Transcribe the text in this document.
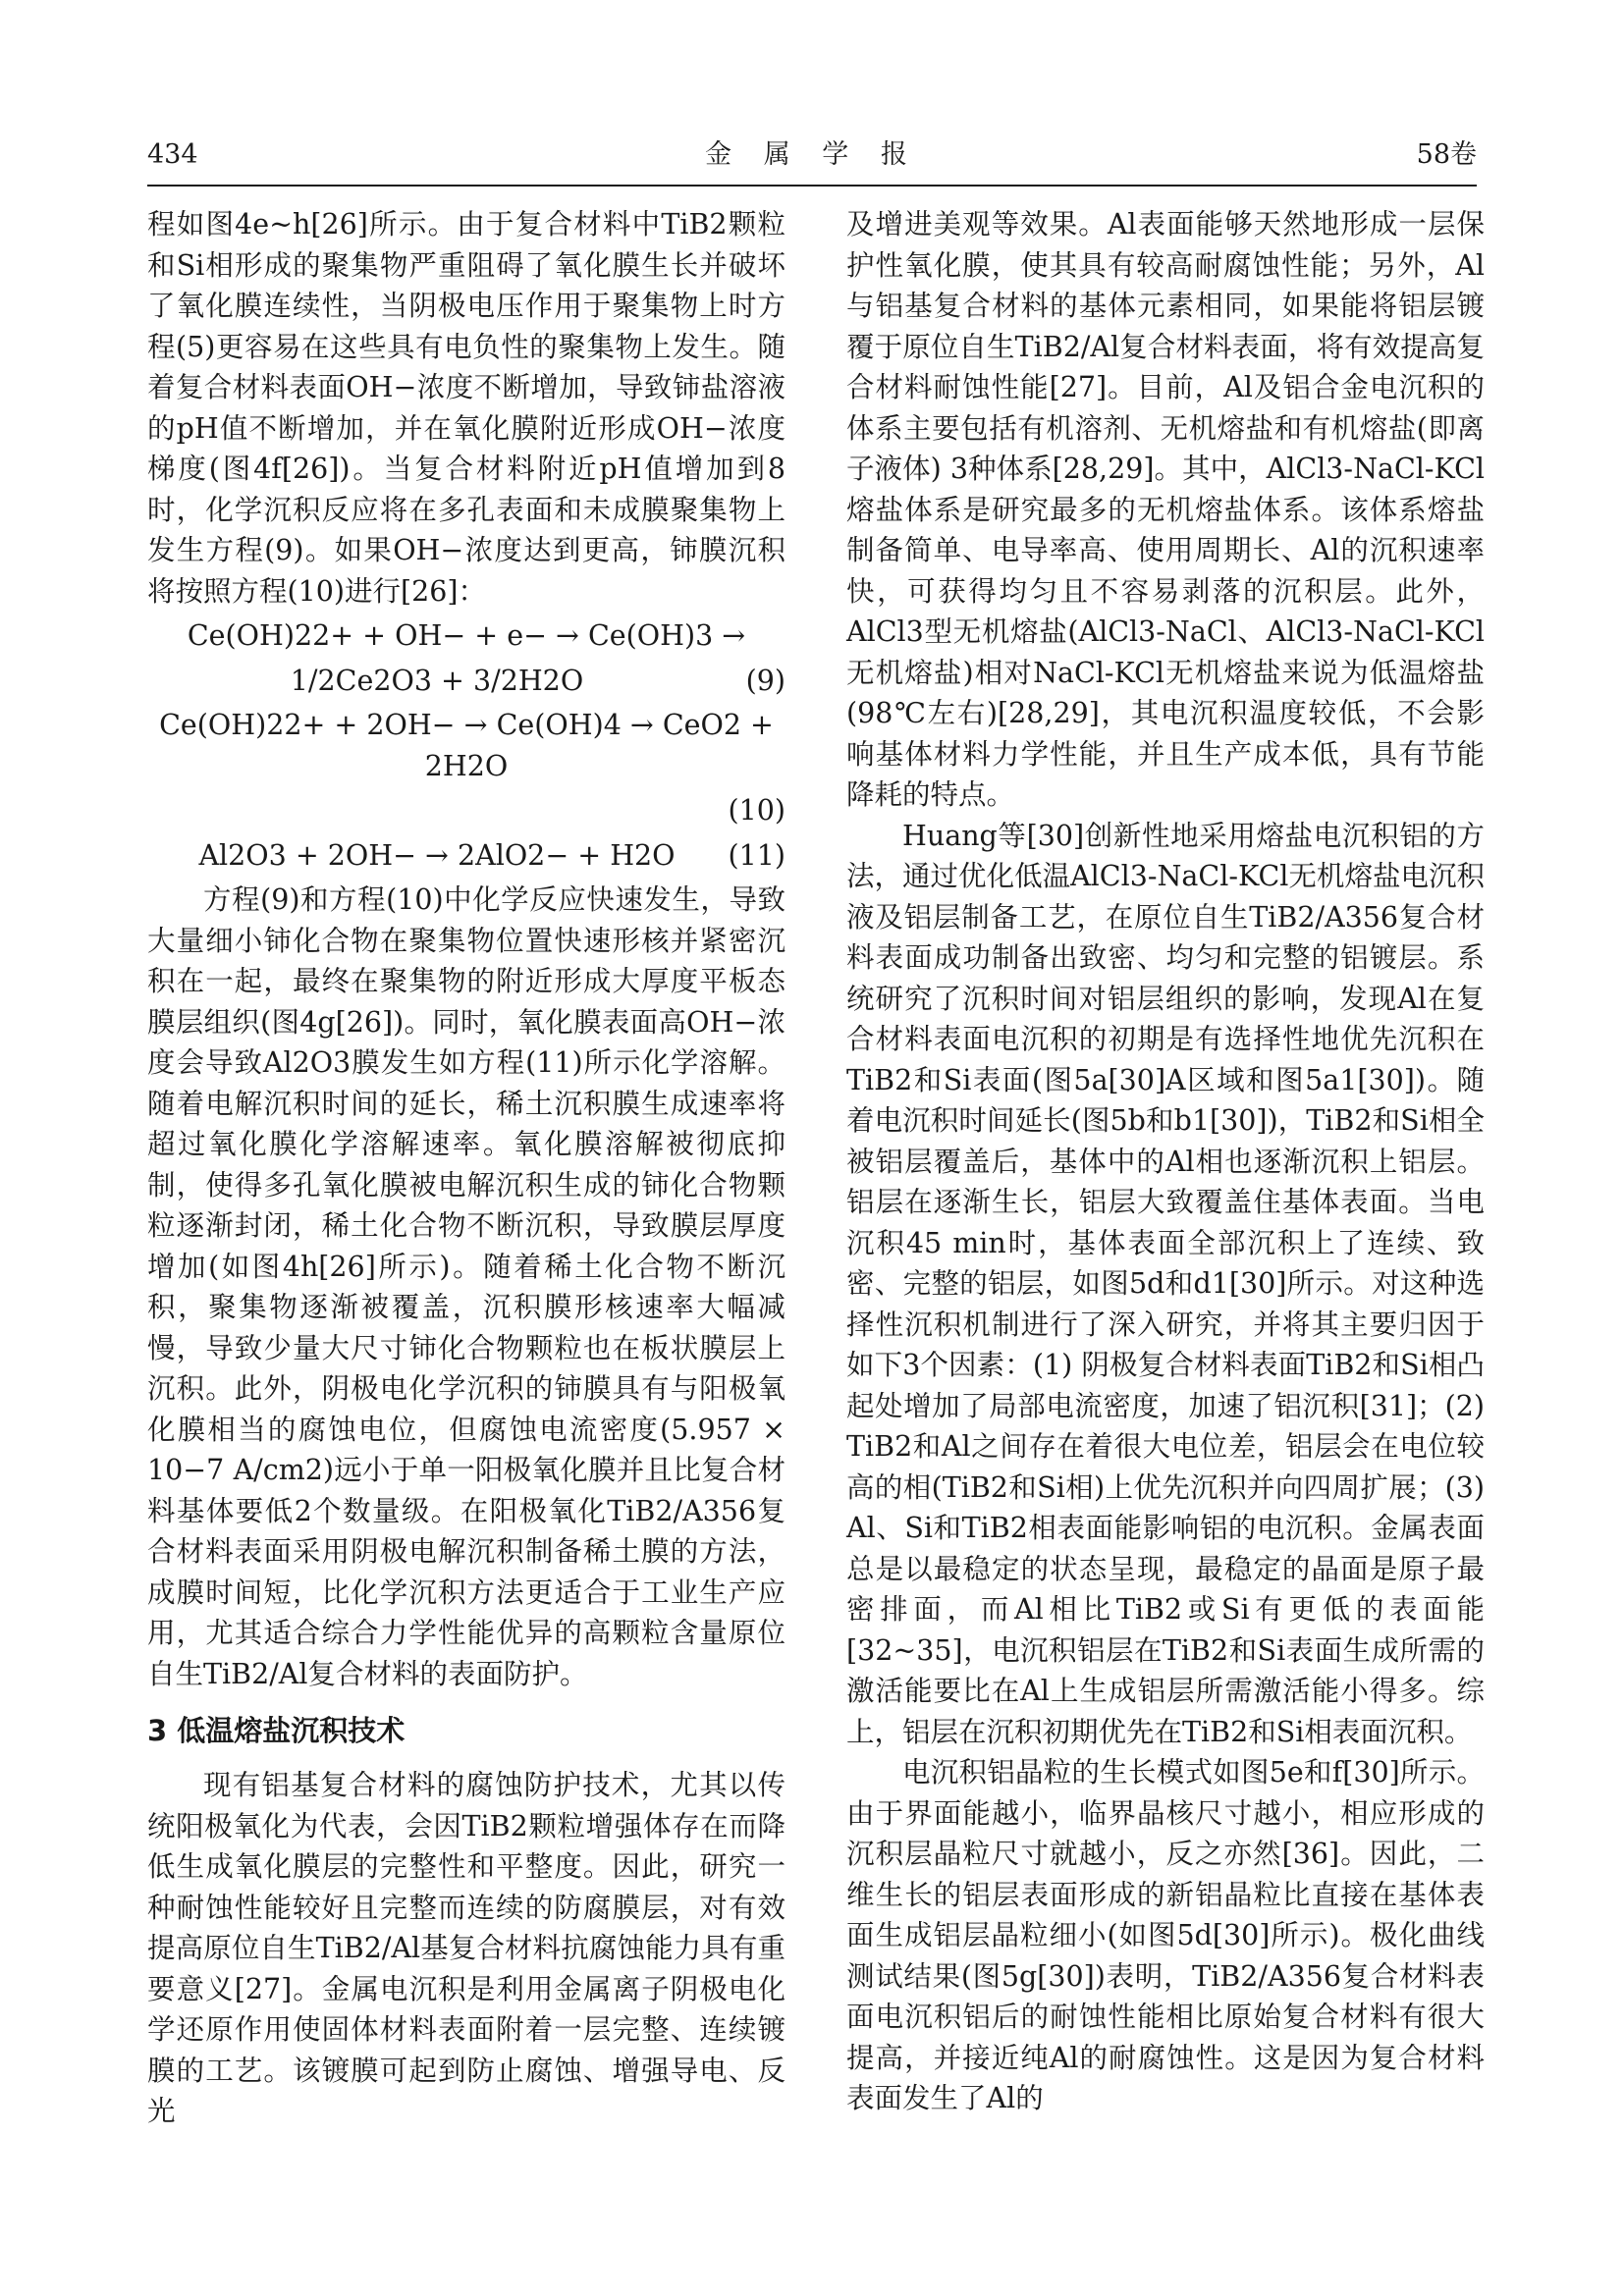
434	金 属 学 报	58卷

程如图4e~h[26]所示。由于复合材料中TiB2颗粒和Si相形成的聚集物严重阻碍了氧化膜生长并破坏了氧化膜连续性，当阴极电压作用于聚集物上时方程(5)更容易在这些具有电负性的聚集物上发生。随着复合材料表面OH−浓度不断增加，导致铈盐溶液的pH值不断增加，并在氧化膜附近形成OH−浓度梯度(图4f[26])。当复合材料附近pH值增加到8时，化学沉积反应将在多孔表面和未成膜聚集物上发生方程(9)。如果OH−浓度达到更高，铈膜沉积将按照方程(10)进行[26]：

Ce(OH)22+ + OH− + e− → Ce(OH)3 →
1/2Ce2O3 + 3/2H2O	(9)
Ce(OH)22+ + 2OH− → Ce(OH)4 → CeO2 + 2H2O
(10)
Al2O3 + 2OH− → 2AlO2− + H2O	(11)

方程(9)和方程(10)中化学反应快速发生，导致大量细小铈化合物在聚集物位置快速形核并紧密沉积在一起，最终在聚集物的附近形成大厚度平板态膜层组织(图4g[26])。同时，氧化膜表面高OH−浓度会导致Al2O3膜发生如方程(11)所示化学溶解。随着电解沉积时间的延长，稀土沉积膜生成速率将超过氧化膜化学溶解速率。氧化膜溶解被彻底抑制，使得多孔氧化膜被电解沉积生成的铈化合物颗粒逐渐封闭，稀土化合物不断沉积，导致膜层厚度增加(如图4h[26]所示)。随着稀土化合物不断沉积，聚集物逐渐被覆盖，沉积膜形核速率大幅减慢，导致少量大尺寸铈化合物颗粒也在板状膜层上沉积。此外，阴极电化学沉积的铈膜具有与阳极氧化膜相当的腐蚀电位，但腐蚀电流密度(5.957 × 10−7 A/cm2)远小于单一阳极氧化膜并且比复合材料基体要低2个数量级。在阳极氧化TiB2/A356复合材料表面采用阴极电解沉积制备稀土膜的方法，成膜时间短，比化学沉积方法更适合于工业生产应用，尤其适合综合力学性能优异的高颗粒含量原位自生TiB2/Al复合材料的表面防护。

3 低温熔盐沉积技术

现有铝基复合材料的腐蚀防护技术，尤其以传统阳极氧化为代表，会因TiB2颗粒增强体存在而降低生成氧化膜层的完整性和平整度。因此，研究一种耐蚀性能较好且完整而连续的防腐膜层，对有效提高原位自生TiB2/Al基复合材料抗腐蚀能力具有重要意义[27]。金属电沉积是利用金属离子阴极电化学还原作用使固体材料表面附着一层完整、连续镀膜的工艺。该镀膜可起到防止腐蚀、增强导电、反光

及增进美观等效果。Al表面能够天然地形成一层保护性氧化膜，使其具有较高耐腐蚀性能；另外，Al与铝基复合材料的基体元素相同，如果能将铝层镀覆于原位自生TiB2/Al复合材料表面，将有效提高复合材料耐蚀性能[27]。目前，Al及铝合金电沉积的体系主要包括有机溶剂、无机熔盐和有机熔盐(即离子液体) 3种体系[28,29]。其中，AlCl3-NaCl-KCl熔盐体系是研究最多的无机熔盐体系。该体系熔盐制备简单、电导率高、使用周期长、Al的沉积速率快，可获得均匀且不容易剥落的沉积层。此外，AlCl3型无机熔盐(AlCl3-NaCl、AlCl3-NaCl-KCl无机熔盐)相对NaCl-KCl无机熔盐来说为低温熔盐(98℃左右)[28,29]，其电沉积温度较低，不会影响基体材料力学性能，并且生产成本低，具有节能降耗的特点。

Huang等[30]创新性地采用熔盐电沉积铝的方法，通过优化低温AlCl3-NaCl-KCl无机熔盐电沉积液及铝层制备工艺，在原位自生TiB2/A356复合材料表面成功制备出致密、均匀和完整的铝镀层。系统研究了沉积时间对铝层组织的影响，发现Al在复合材料表面电沉积的初期是有选择性地优先沉积在TiB2和Si表面(图5a[30]A区域和图5a1[30])。随着电沉积时间延长(图5b和b1[30])，TiB2和Si相全被铝层覆盖后，基体中的Al相也逐渐沉积上铝层。铝层在逐渐生长，铝层大致覆盖住基体表面。当电沉积45 min时，基体表面全部沉积上了连续、致密、完整的铝层，如图5d和d1[30]所示。对这种选择性沉积机制进行了深入研究，并将其主要归因于如下3个因素：(1) 阴极复合材料表面TiB2和Si相凸起处增加了局部电流密度，加速了铝沉积[31]；(2) TiB2和Al之间存在着很大电位差，铝层会在电位较高的相(TiB2和Si相)上优先沉积并向四周扩展；(3) Al、Si和TiB2相表面能影响铝的电沉积。金属表面总是以最稳定的状态呈现，最稳定的晶面是原子最密排面，而Al相比TiB2或Si有更低的表面能[32~35]，电沉积铝层在TiB2和Si表面生成所需的激活能要比在Al上生成铝层所需激活能小得多。综上，铝层在沉积初期优先在TiB2和Si相表面沉积。

电沉积铝晶粒的生长模式如图5e和f[30]所示。由于界面能越小，临界晶核尺寸越小，相应形成的沉积层晶粒尺寸就越小，反之亦然[36]。因此，二维生长的铝层表面形成的新铝晶粒比直接在基体表面生成铝层晶粒细小(如图5d[30]所示)。极化曲线测试结果(图5g[30])表明，TiB2/A356复合材料表面电沉积铝后的耐蚀性能相比原始复合材料有很大提高，并接近纯Al的耐腐蚀性。这是因为复合材料表面发生了Al的
